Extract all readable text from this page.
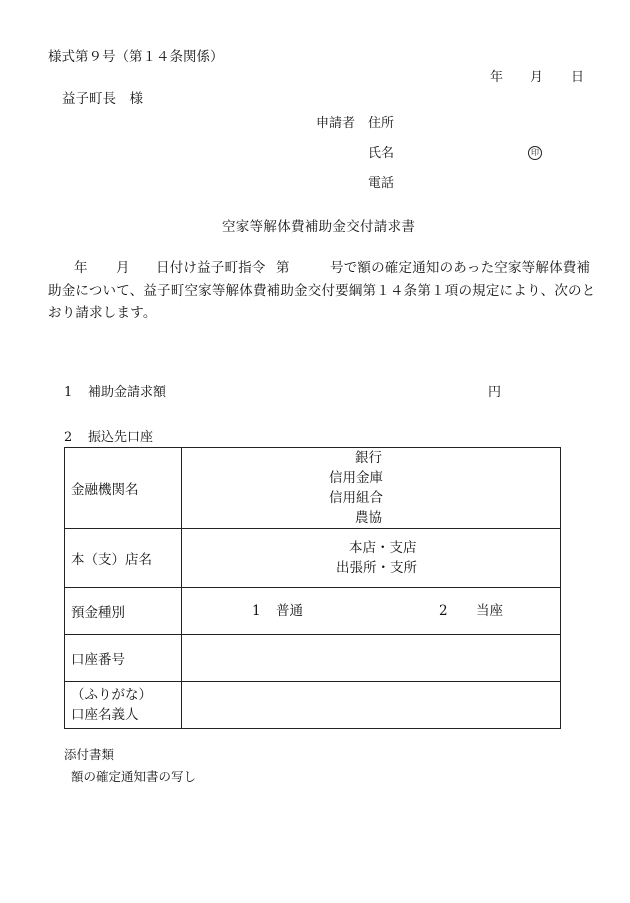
様式第９号（第１４条関係）
年 月 日
益子町長　様
申請者 住所
氏名	印
電話
空家等解体費補助金交付請求書
年 月 日付け益子町指令 第	号で額の確定通知のあった空家等解体費補
助金について、益子町空家等解体費補助金交付要綱第１４条第１項の規定により、次のと
おり請求します。
1 補助金請求額	円
2 振込先口座
金融機関名	銀行
信用金庫
信用組合
農協

本（支）店名	本店・支店
出張所・支所

預金種別	1 普通 2 当座

口座番号	

（ふりがな）
口座名義人	

添付書類
額の確定通知書の写し
